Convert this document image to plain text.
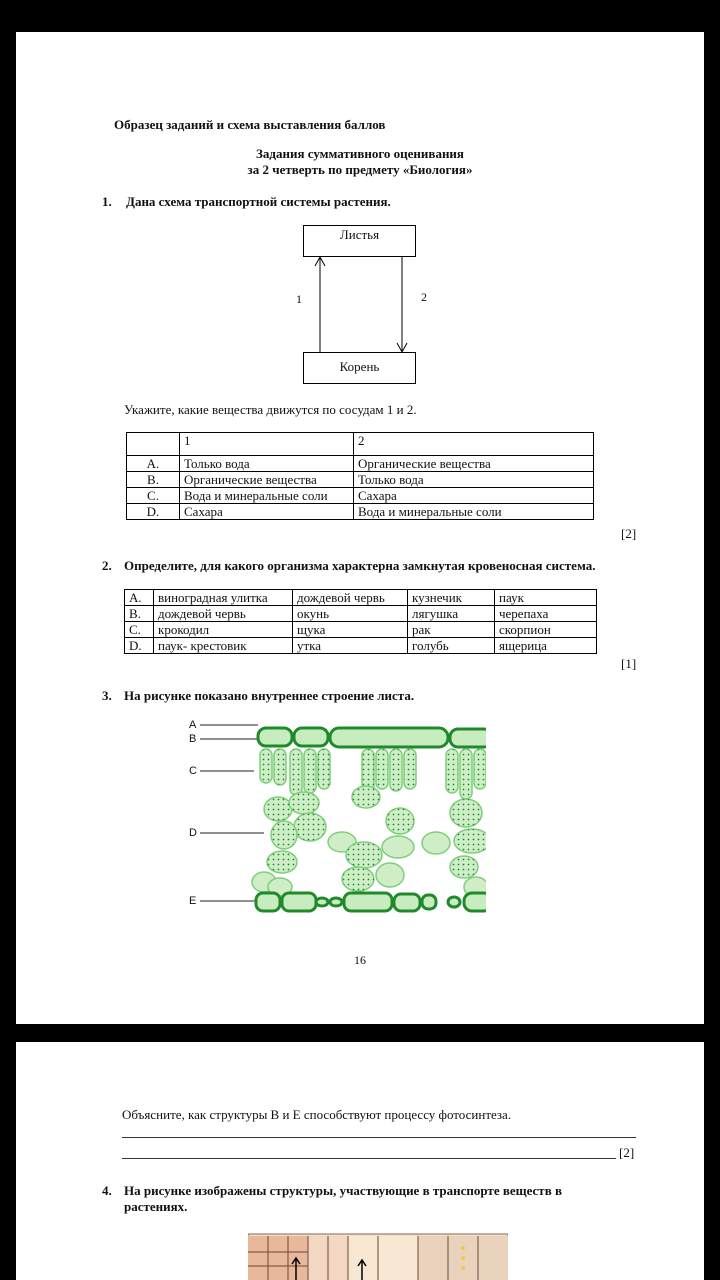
Образец заданий и схема выставления баллов
Задания суммативного оценивания
за 2 четверть по предмету «Биология»
1. Дана схема транспортной системы растения.
Листья
Корень
1	2
Укажите, какие вещества движутся по сосудам 1 и 2.
	1	2
A.	Только вода	Органические вещества
B.	Органические вещества	Только вода
C.	Вода и минеральные соли	Сахара
D.	Сахара	Вода и минеральные соли
[2]
2. Определите, для какого организма характерна замкнутая кровеносная система.
A.	виноградная улитка	дождевой червь	кузнечик	паук
B.	дождевой червь	окунь	лягушка	черепаха
C.	крокодил	щука	рак	скорпион
D.	паук- крестовик	утка	голубь	ящерица
[1]
3. На рисунке показано внутреннее строение листа.
A
B
C
D
E
16
Объясните, как структуры В и Е способствуют процессу фотосинтеза.
[2]
4. На рисунке изображены структуры, участвующие в транспорте веществ в
растениях.
